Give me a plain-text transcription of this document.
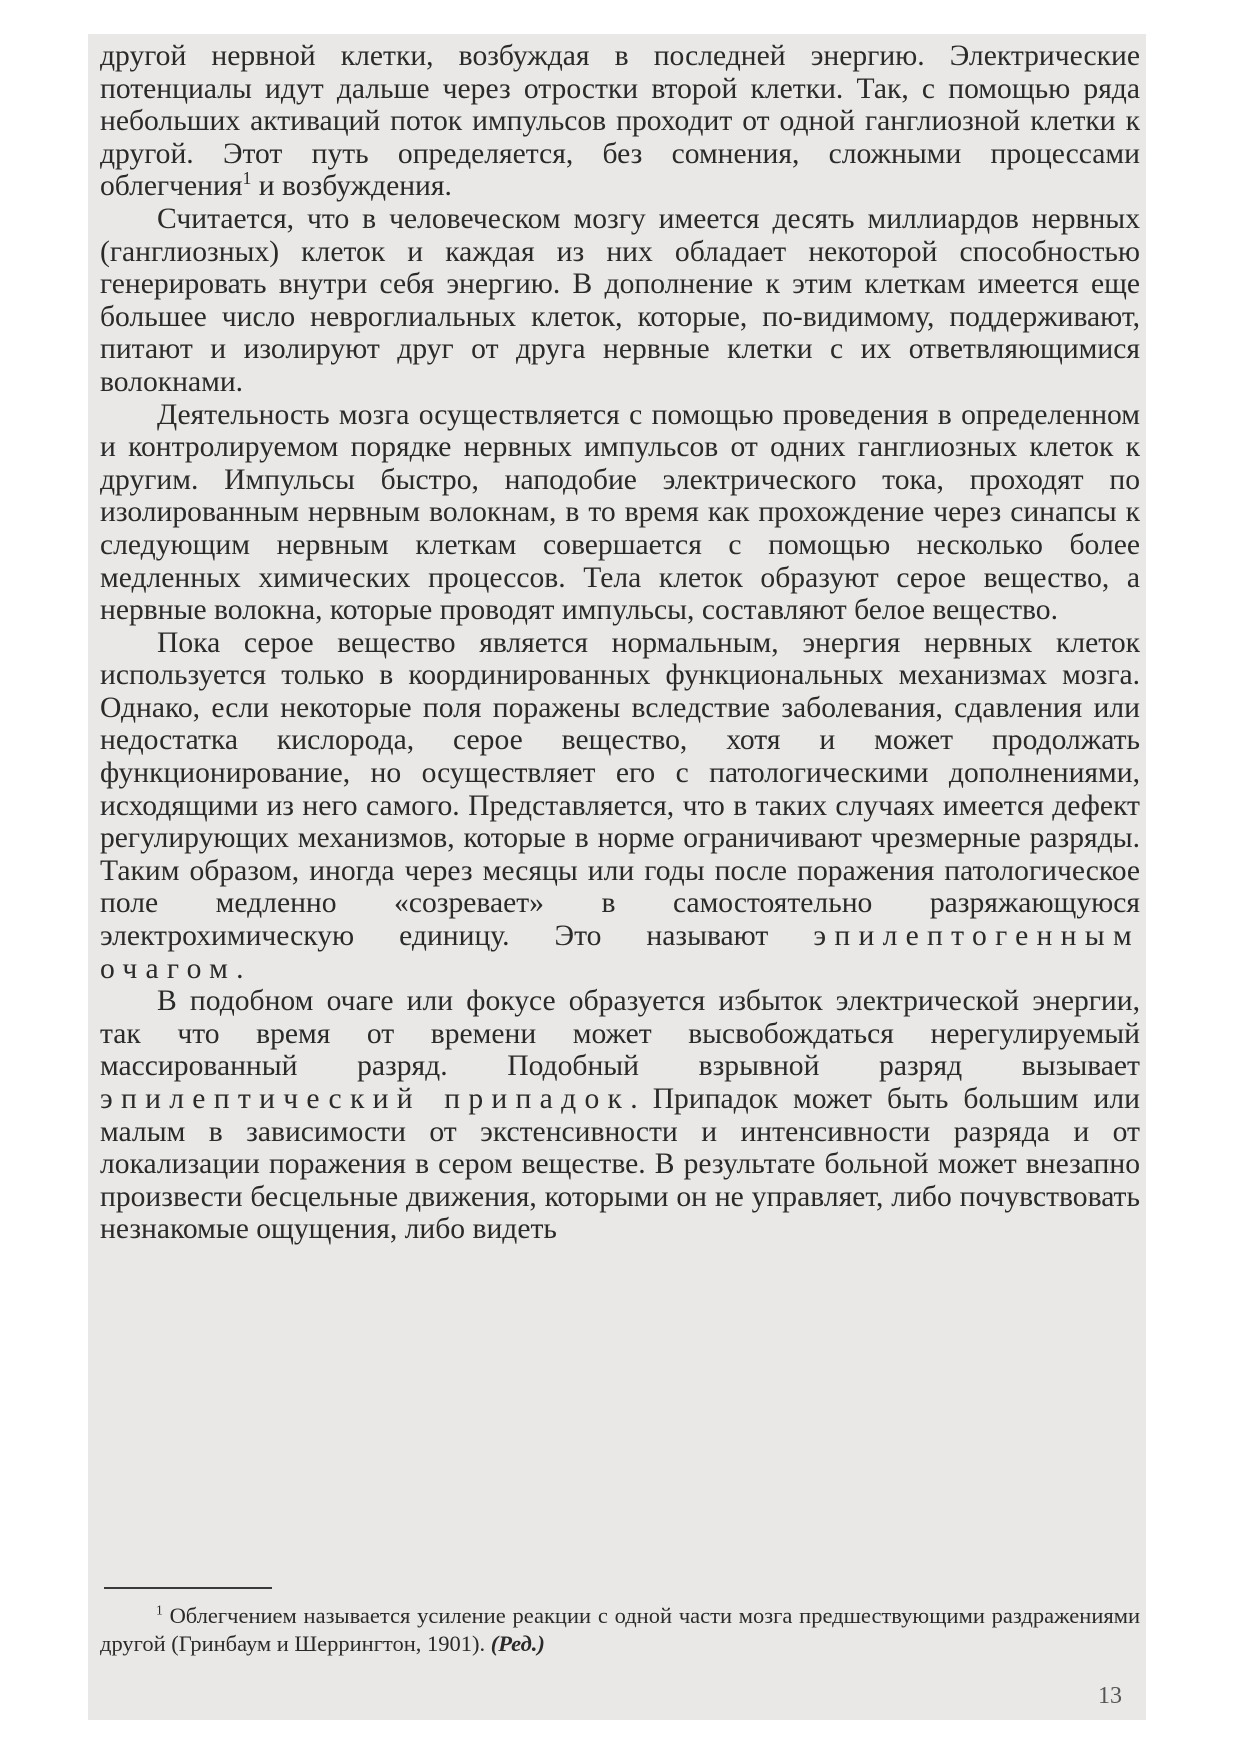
другой нервной клетки, возбуждая в последней энергию. Электрические потенциалы идут дальше через отростки второй клетки. Так, с помощью ряда небольших активаций поток импульсов проходит от одной ганглиозной клетки к другой. Этот путь определяется, без сомнения, сложными процессами облегчения$^1$ и возбуждения.

Считается, что в человеческом мозгу имеется десять миллиардов нервных (ганглиозных) клеток и каждая из них обладает некоторой способностью генерировать внутри себя энергию. В дополнение к этим клеткам имеется еще большее число невроглиальных клеток, которые, по-видимому, поддерживают, питают и изолируют друг от друга нервные клетки с их ответвляющимися волокнами.

Деятельность мозга осуществляется с помощью проведения в определенном и контролируемом порядке нервных импульсов от одних ганглиозных клеток к другим. Импульсы быстро, наподобие электрического тока, проходят по изолированным нервным волокнам, в то время как прохождение через синапсы к следующим нервным клеткам совершается с помощью несколько более медленных химических процессов. Тела клеток образуют серое вещество, а нервные волокна, которые проводят импульсы, составляют белое вещество.

Пока серое вещество является нормальным, энергия нервных клеток используется только в координированных функциональных механизмах мозга. Однако, если некоторые поля поражены вследствие заболевания, сдавления или недостатка кислорода, серое вещество, хотя и может продолжать функционирование, но осуществляет его с патологическими дополнениями, исходящими из него самого. Представляется, что в таких случаях имеется дефект регулирующих механизмов, которые в норме ограничивают чрезмерные разряды. Таким образом, иногда через месяцы или годы после поражения патологическое поле медленно «созревает» в самостоятельно разряжающуюся электрохимическую единицу. Это называют эпилептогенным очагом.

В подобном очаге или фокусе образуется избыток электрической энергии, так что время от времени может высвобождаться нерегулируемый массированный разряд. Подобный взрывной разряд вызывает эпилептический припадок. Припадок может быть большим или малым в зависимости от экстенсивности и интенсивности разряда и от локализации поражения в сером веществе. В результате больной может внезапно произвести бесцельные движения, которыми он не управляет, либо почувствовать незнакомые ощущения, либо видеть

$^1$ Облегчением называется усиление реакции с одной части мозга предшествующими раздражениями другой (Гринбаум и Шеррингтон, 1901). (Ред.)
13
